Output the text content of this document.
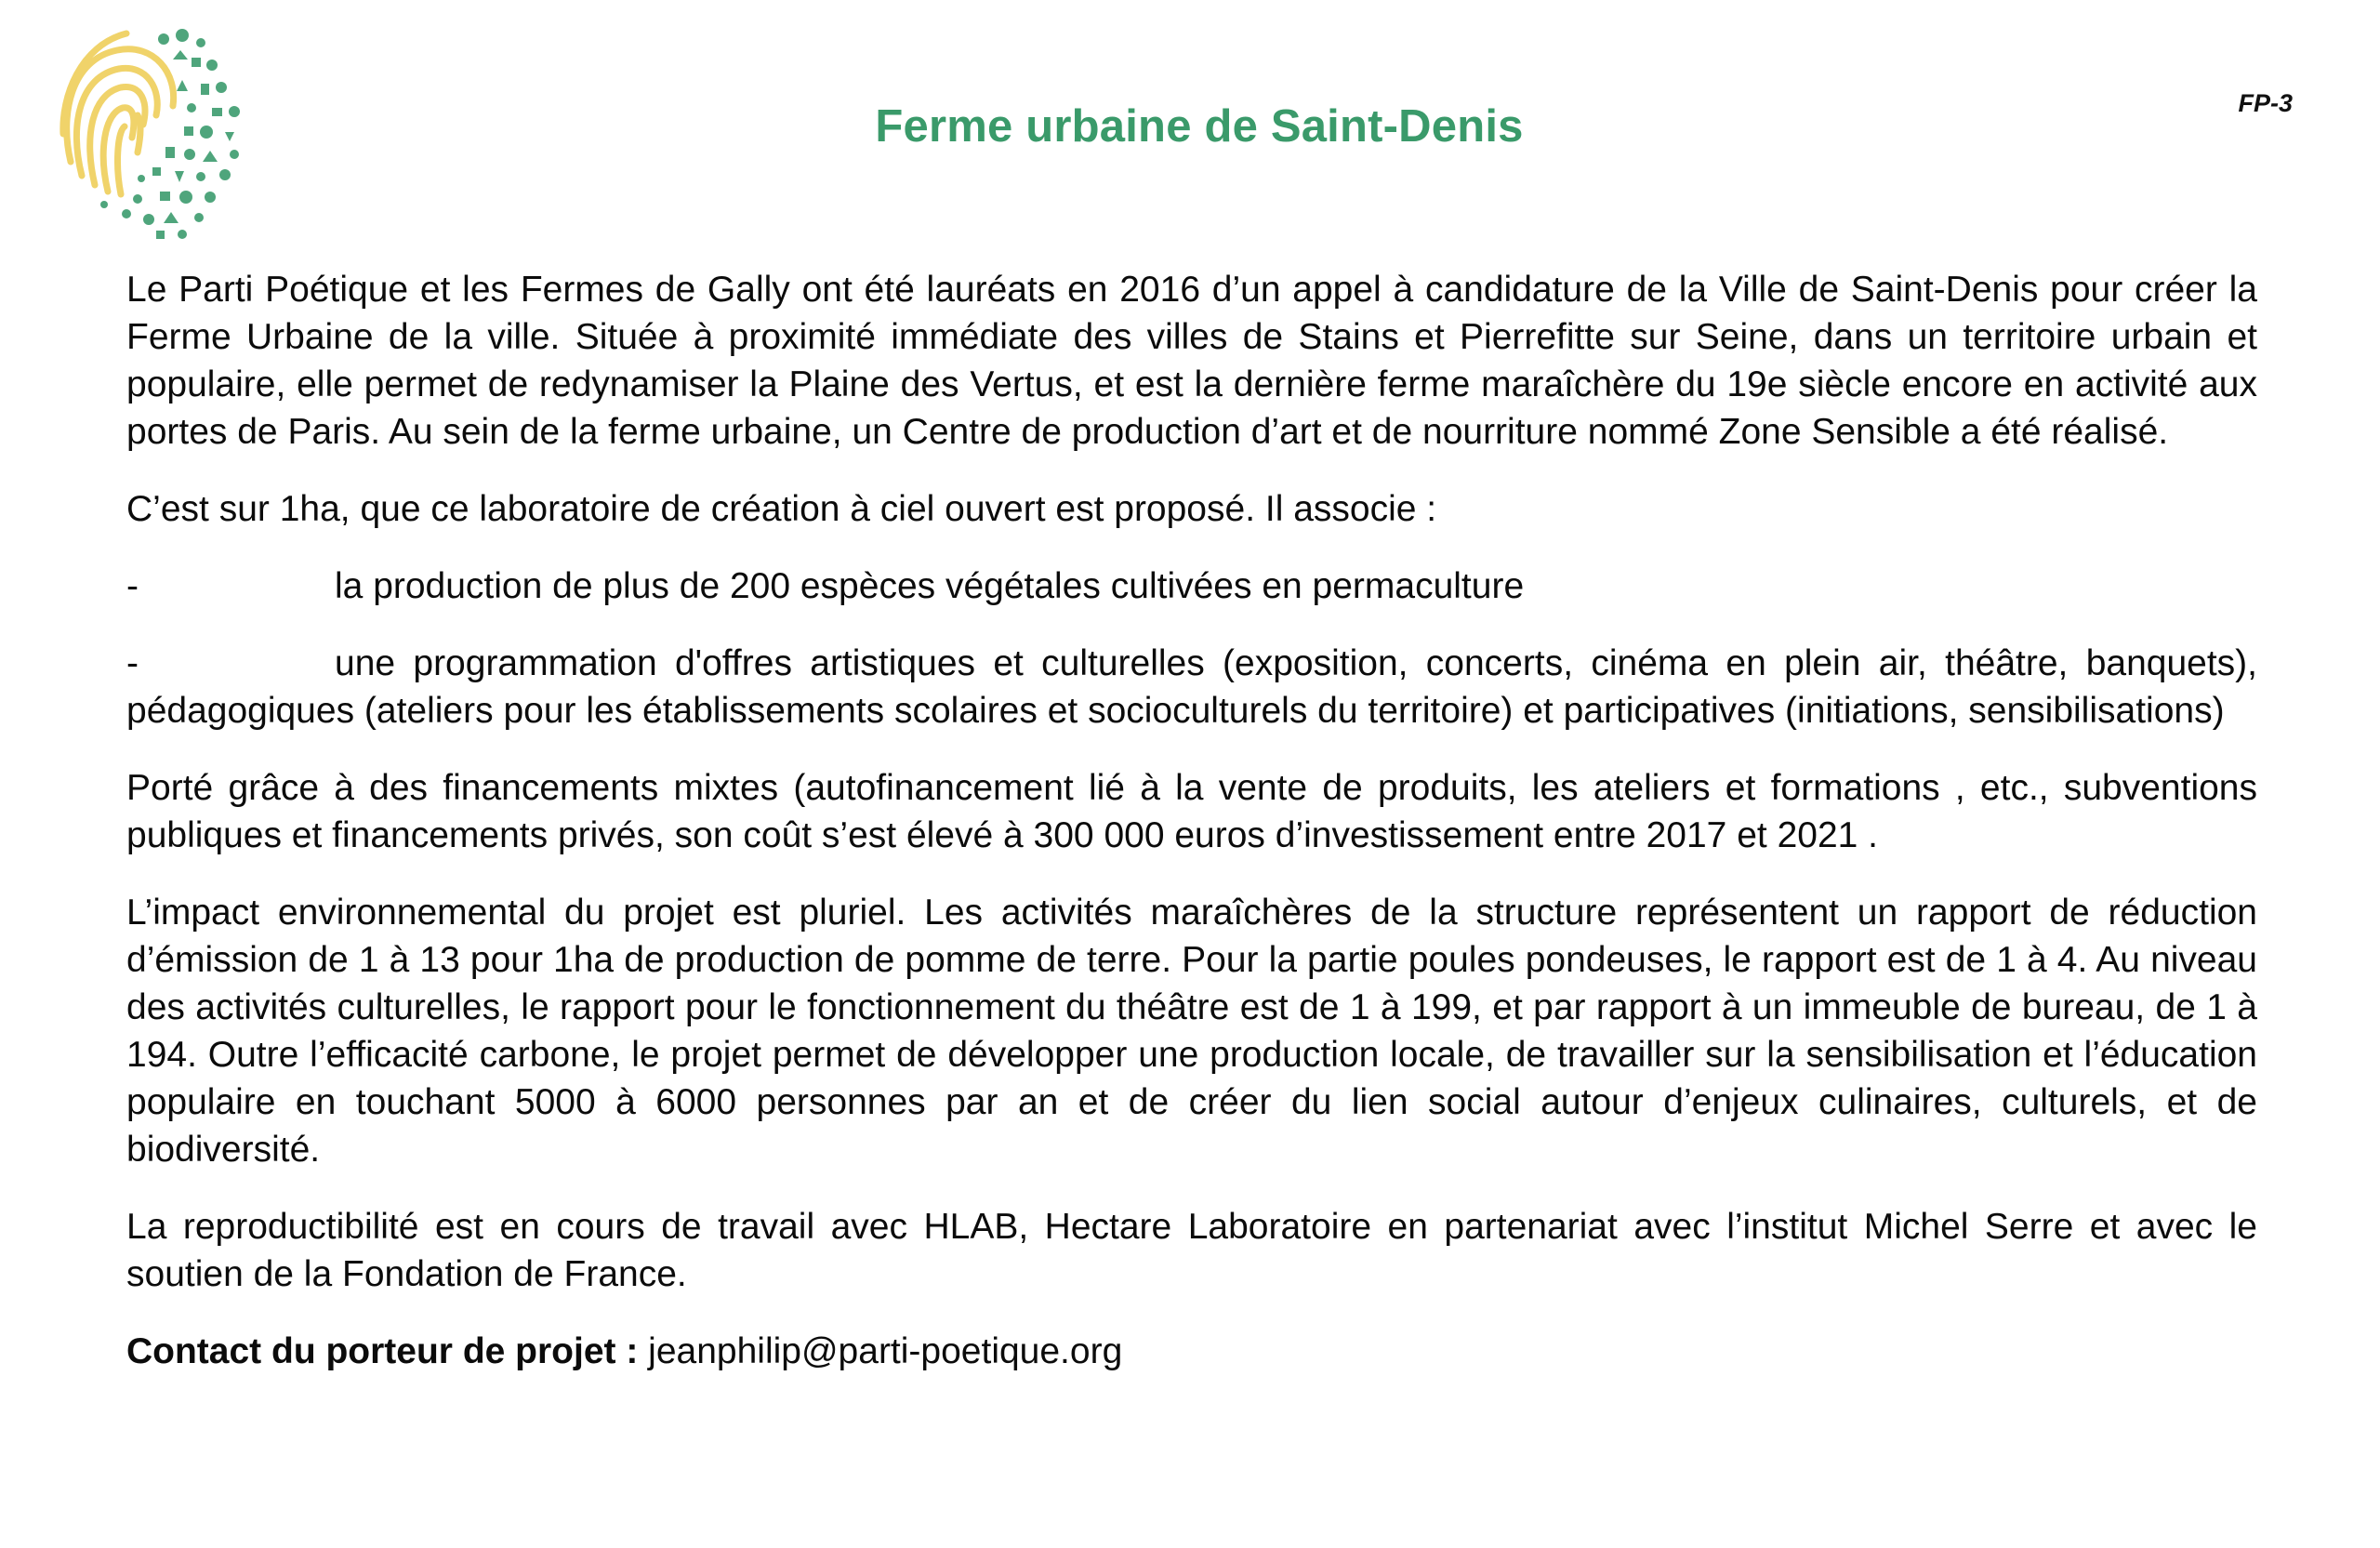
FP-3
Ferme urbaine de Saint-Denis

Le Parti Poétique et les Fermes de Gally ont été lauréats en 2016 d’un appel à candidature de la Ville de Saint-Denis pour créer la Ferme Urbaine de la ville. Située à proximité immédiate des villes de Stains et Pierrefitte sur Seine, dans un territoire urbain et populaire, elle permet de redynamiser la Plaine des Vertus, et est la dernière ferme maraîchère du 19e siècle encore en activité aux portes de Paris. Au sein de la ferme urbaine, un Centre de production d’art et de nourriture nommé Zone Sensible a été réalisé.

C’est sur 1ha, que ce laboratoire de création à ciel ouvert est proposé. Il associe :

-	la production de plus de 200 espèces végétales cultivées en permaculture

-	une programmation d'offres artistiques et culturelles (exposition, concerts, cinéma en plein air, théâtre, banquets), pédagogiques (ateliers pour les établissements scolaires et socioculturels du territoire) et participatives (initiations, sensibilisations)

Porté grâce à des financements mixtes (autofinancement lié à la vente de produits, les ateliers et formations , etc., subventions publiques et financements privés, son coût s’est élevé à 300 000 euros d’investissement entre 2017 et 2021 .

L’impact environnemental du projet est pluriel. Les activités maraîchères de la structure représentent un rapport de réduction d’émission de 1 à 13 pour 1ha de production de pomme de terre. Pour la partie poules pondeuses, le rapport est de 1 à 4. Au niveau des activités culturelles, le rapport pour le fonctionnement du théâtre est de 1 à 199, et par rapport à un immeuble de bureau, de 1 à 194. Outre l’efficacité carbone, le projet permet de développer une production locale, de travailler sur la sensibilisation et l’éducation populaire en touchant 5000 à 6000 personnes par an et de créer du lien social autour d’enjeux culinaires, culturels, et de biodiversité.

La reproductibilité est en cours de travail avec HLAB, Hectare Laboratoire en partenariat avec l’institut Michel Serre et avec le soutien de la Fondation de France.

Contact du porteur de projet : jeanphilip@parti-poetique.org
